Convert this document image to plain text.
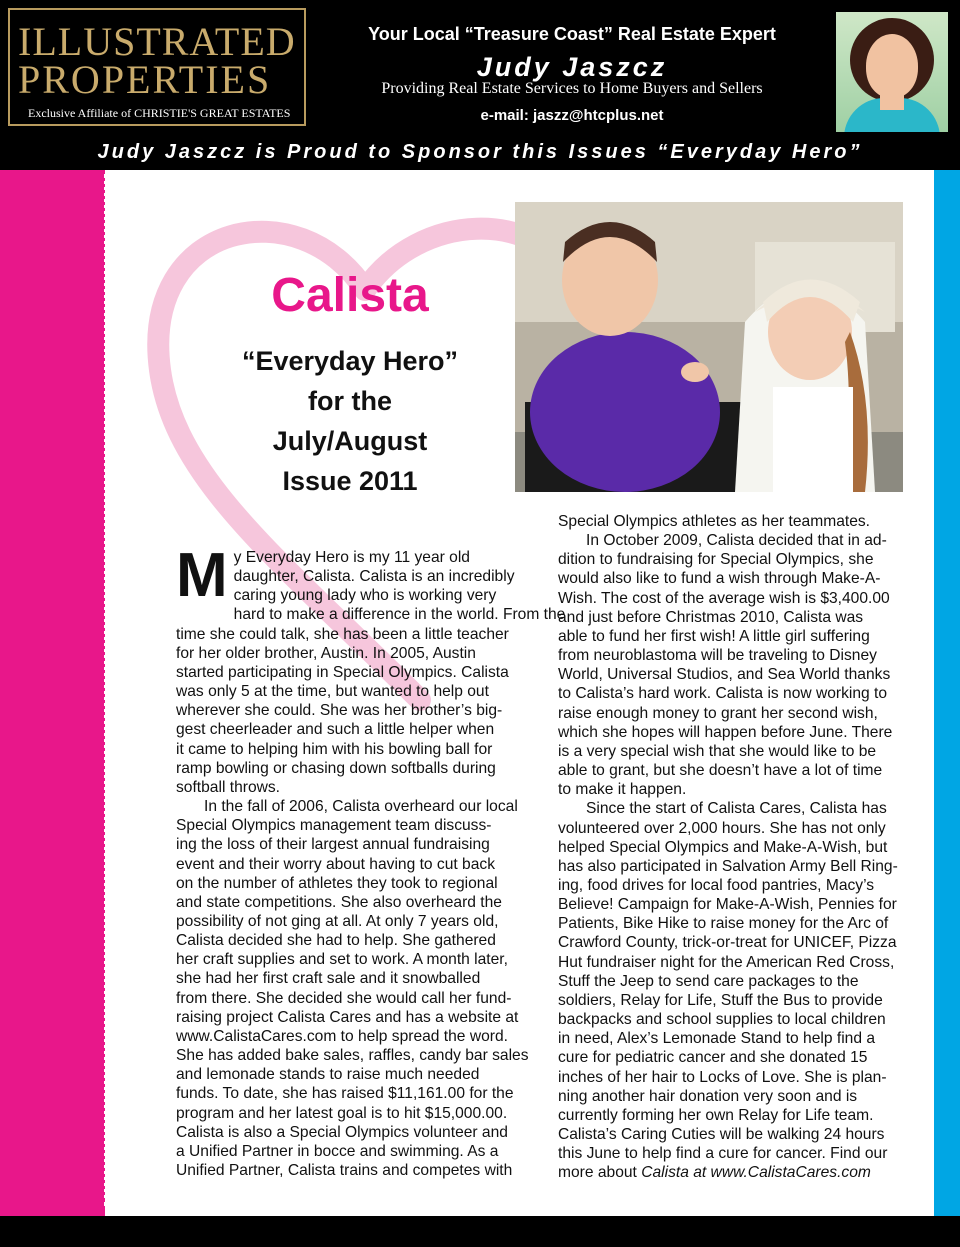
ILLUSTRATED
PROPERTIES
Exclusive Affiliate of CHRISTIE'S GREAT ESTATES
Your Local “Treasure Coast” Real Estate Expert
Judy Jaszcz
Providing Real Estate Services to Home Buyers and Sellers
e-mail: jaszz@htcplus.net
Judy Jaszcz is Proud to Sponsor this Issues “Everyday Hero”
Calista
“Everyday Hero”
for the
July/August
Issue 2011
M y Everyday Hero is my 11 year old
daughter, Calista. Calista is an incredibly
caring young lady who is working very
hard to make a difference in the world. From the
time she could talk, she has been a little teacher
for her older brother, Austin. In 2005, Austin
started participating in Special Olympics. Calista
was only 5 at the time, but wanted to help out
wherever she could. She was her brother’s big-
gest cheerleader and such a little helper when
it came to helping him with his bowling ball for
ramp bowling or chasing down softballs during
softball throws.
In the fall of 2006, Calista overheard our local
Special Olympics management team discuss-
ing the loss of their largest annual fundraising
event and their worry about having to cut back
on the number of athletes they took to regional
and state competitions. She also overheard the
possibility of not ging at all. At only 7 years old,
Calista decided she had to help. She gathered
her craft supplies and set to work. A month later,
she had her first craft sale and it snowballed
from there. She decided she would call her fund-
raising project Calista Cares and has a website at
www.CalistaCares.com to help spread the word.
She has added bake sales, raffles, candy bar sales
and lemonade stands to raise much needed
funds. To date, she has raised $11,161.00 for the
program and her latest goal is to hit $15,000.00.
Calista is also a Special Olympics volunteer and
a Unified Partner in bocce and swimming. As a
Unified Partner, Calista trains and competes with
Special Olympics athletes as her teammates.
In October 2009, Calista decided that in ad-
dition to fundraising for Special Olympics, she
would also like to fund a wish through Make-A-
Wish. The cost of the average wish is $3,400.00
and just before Christmas 2010, Calista was
able to fund her first wish! A little girl suffering
from neuroblastoma will be traveling to Disney
World, Universal Studios, and Sea World thanks
to Calista’s hard work. Calista is now working to
raise enough money to grant her second wish,
which she hopes will happen before June. There
is a very special wish that she would like to be
able to grant, but she doesn’t have a lot of time
to make it happen.
Since the start of Calista Cares, Calista has
volunteered over 2,000 hours. She has not only
helped Special Olympics and Make-A-Wish, but
has also participated in Salvation Army Bell Ring-
ing, food drives for local food pantries, Macy’s
Believe! Campaign for Make-A-Wish, Pennies for
Patients, Bike Hike to raise money for the Arc of
Crawford County, trick-or-treat for UNICEF, Pizza
Hut fundraiser night for the American Red Cross,
Stuff the Jeep to send care packages to the
soldiers, Relay for Life, Stuff the Bus to provide
backpacks and school supplies to local children
in need, Alex’s Lemonade Stand to help find a
cure for pediatric cancer and she donated 15
inches of her hair to Locks of Love. She is plan-
ning another hair donation very soon and is
currently forming her own Relay for Life team.
Calista’s Caring Cuties will be walking 24 hours
this June to help find a cure for cancer. Find our
more about Calista at www.CalistaCares.com
